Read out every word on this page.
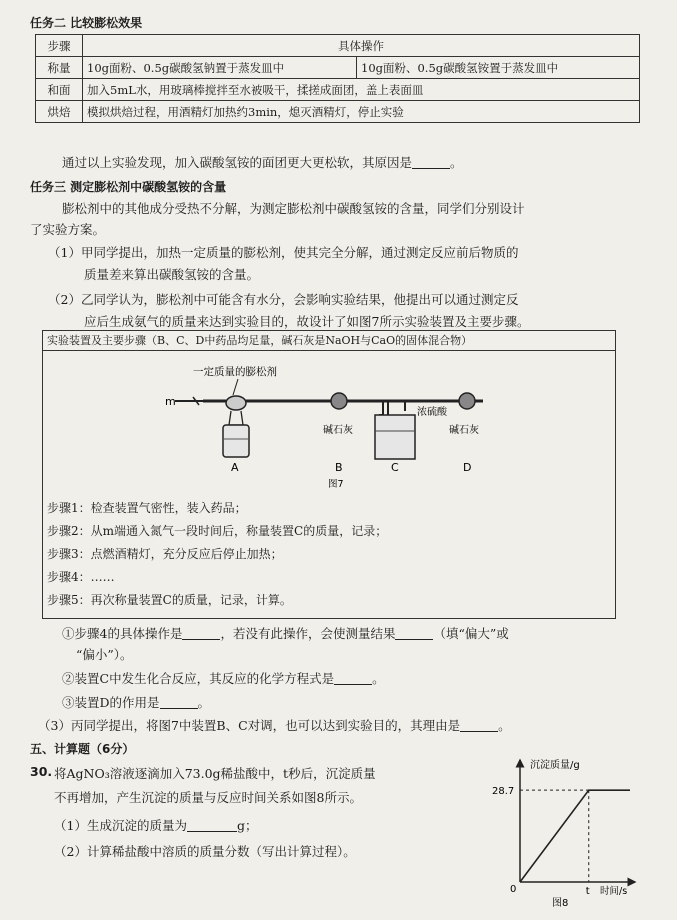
任务二 比较膨松效果
步骤	具体操作	
称量	10g面粉、0.5g碳酸氢钠置于蒸发皿中	10g面粉、0.5g碳酸氢铵置于蒸发皿中
和面	加入5mL水，用玻璃棒搅拌至水被吸干，揉搓成面团，盖上表面皿	
烘焙	模拟烘焙过程，用酒精灯加热约3min，熄灭酒精灯，停止实验	
通过以上实验发现，加入碳酸氢铵的面团更大更松软，其原因是	。
任务三 测定膨松剂中碳酸氢铵的含量
膨松剂中的其他成分受热不分解，为测定膨松剂中碳酸氢铵的含量，同学们分别设计
了实验方案。
（1）甲同学提出，加热一定质量的膨松剂，使其完全分解，通过测定反应前后物质的
质量差来算出碳酸氢铵的含量。
（2）乙同学认为，膨松剂中可能含有水分，会影响实验结果，他提出可以通过测定反
应后生成氨气的质量来达到实验目的，故设计了如图7所示实验装置及主要步骤。
实验装置及主要步骤（B、C、D中药品均足量，碱石灰是NaOH与CaO的固体混合物）
m
一定质量的膨松剂
A
碱石灰
B
图7
浓硫酸
C
碱石灰
D
步骤1：检查装置气密性，装入药品；
步骤2：从m端通入氮气一段时间后，称量装置C的质量，记录；
步骤3：点燃酒精灯，充分反应后停止加热；
步骤4：……
步骤5：再次称量装置C的质量，记录，计算。
①步骤4的具体操作是	，若没有此操作，会使测量结果	（填“偏大”或
“偏小”）。
②装置C中发生化合反应，其反应的化学方程式是	。
③装置D的作用是	。
（3）丙同学提出，将图7中装置B、C对调，也可以达到实验目的，其理由是	。
五、计算题（6分）
30. 将AgNO₃溶液逐滴加入73.0g稀盐酸中，t秒后，沉淀质量
不再增加，产生沉淀的质量与反应时间关系如图8所示。
（1）生成沉淀的质量为	g；
（2）计算稀盐酸中溶质的质量分数（写出计算过程）。
沉淀质量/g
时间/s
0
28.7
t
图8
